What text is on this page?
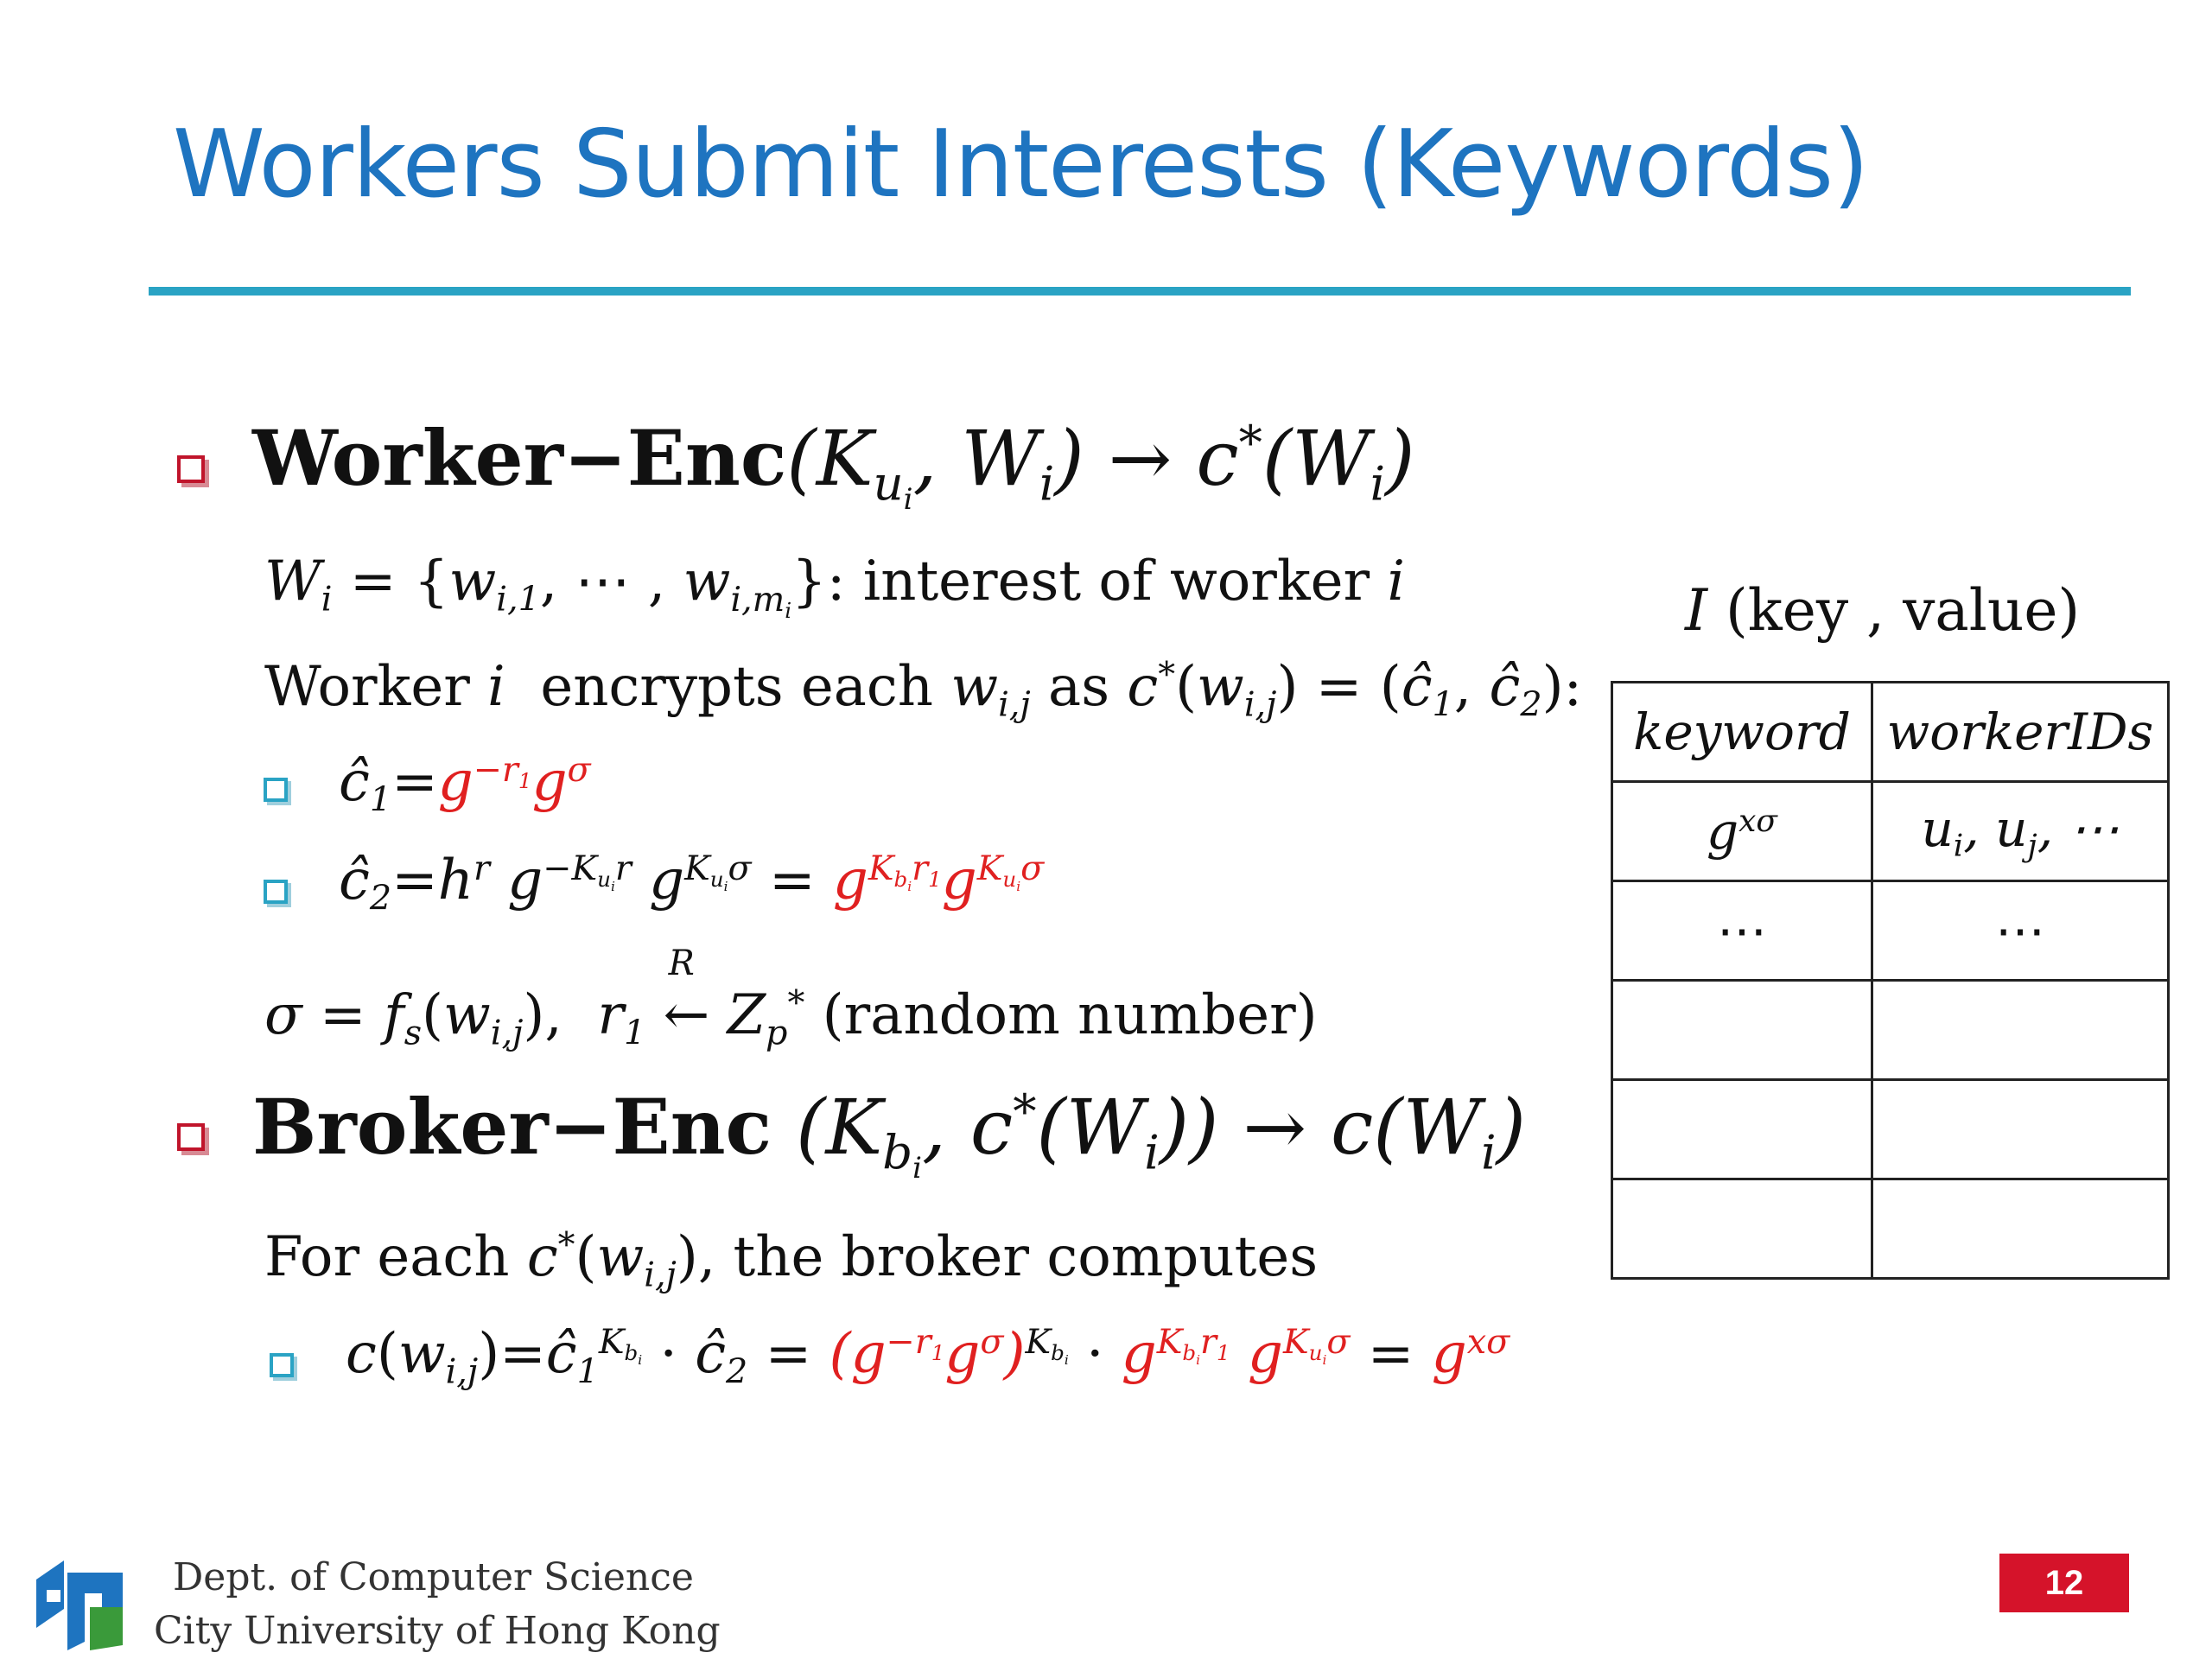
Workers Submit Interests (Keywords)
$Worker-Enc(K_{u_i}$, $W_i) \to c^*(W_i)$
$W_i = \{w_{i,1}$, ⋯ , $w_{i,m_i}$}: interest of worker i
Worker i  encrypts each $w_{i,j}$ as $c^*(w_{i,j})$ = ($ĉ_1$, $ĉ_2$):
$ĉ_1=g^{-r_1}g^\sigma$
$ĉ_2=h^r$ $g^{-K_{u_i}r}$ $g^{K_{u_i}\sigma} = g^{K_{b_i}r_1}g^{K_{u_i}\sigma}$
$\sigma = f_s(w_{i,j})$,  $r_1$
R
← $Z_p^*$ (random number)
Broker−Enc ($K_{b_i}$, $c^*(W_i)) \to c(W_i)$
For each $c^*(w_{i,j})$, the broker computes
$c(w_{i,j})=ĉ_1^{K_{b_i}}$ · $ĉ_2 = (g^{-r_1}g^\sigma)^{K_{b_i}} \cdot g^{K_{b_i}r_1}$ $g^{K_{u_i}\sigma} = g^{x\sigma}$
I (key , value)
keyword	workerIDs
$g^{x\sigma}$	$u_i$, $u_j$, ⋯
⋯	⋯

Dept. of Computer Science
City University of Hong Kong
12
